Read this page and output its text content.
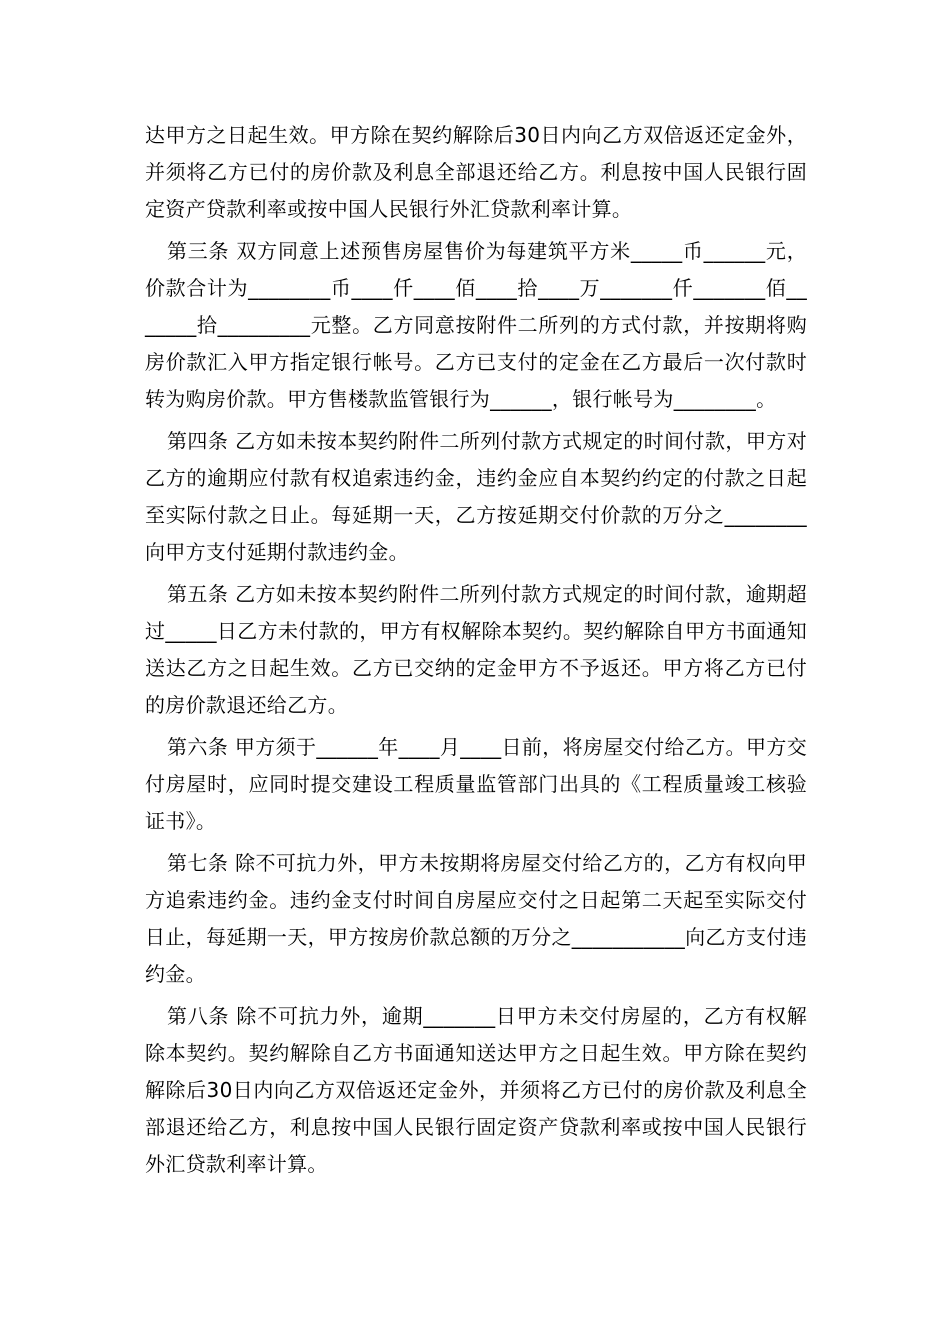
达甲方之日起生效。甲方除在契约解除后30日内向乙方双倍返还定金外，并须将乙方已付的房价款及利息全部退还给乙方。利息按中国人民银行固定资产贷款利率或按中国人民银行外汇贷款利率计算。

第三条 双方同意上述预售房屋售价为每建筑平方米_____币______元，价款合计为________币____仟____佰____拾____万_______仟_______佰_______拾_________元整。乙方同意按附件二所列的方式付款，并按期将购房价款汇入甲方指定银行帐号。乙方已支付的定金在乙方最后一次付款时转为购房价款。甲方售楼款监管银行为______，银行帐号为________。

第四条 乙方如未按本契约附件二所列付款方式规定的时间付款，甲方对乙方的逾期应付款有权追索违约金，违约金应自本契约约定的付款之日起至实际付款之日止。每延期一天，乙方按延期交付价款的万分之________向甲方支付延期付款违约金。

第五条 乙方如未按本契约附件二所列付款方式规定的时间付款，逾期超过_____日乙方未付款的，甲方有权解除本契约。契约解除自甲方书面通知送达乙方之日起生效。乙方已交纳的定金甲方不予返还。甲方将乙方已付的房价款退还给乙方。

第六条 甲方须于______年____月____日前，将房屋交付给乙方。甲方交付房屋时，应同时提交建设工程质量监管部门出具的《工程质量竣工核验证书》。

第七条 除不可抗力外，甲方未按期将房屋交付给乙方的，乙方有权向甲方追索违约金。违约金支付时间自房屋应交付之日起第二天起至实际交付日止，每延期一天，甲方按房价款总额的万分之___________向乙方支付违约金。

第八条 除不可抗力外，逾期_______日甲方未交付房屋的，乙方有权解除本契约。契约解除自乙方书面通知送达甲方之日起生效。甲方除在契约解除后30日内向乙方双倍返还定金外，并须将乙方已付的房价款及利息全部退还给乙方，利息按中国人民银行固定资产贷款利率或按中国人民银行外汇贷款利率计算。
